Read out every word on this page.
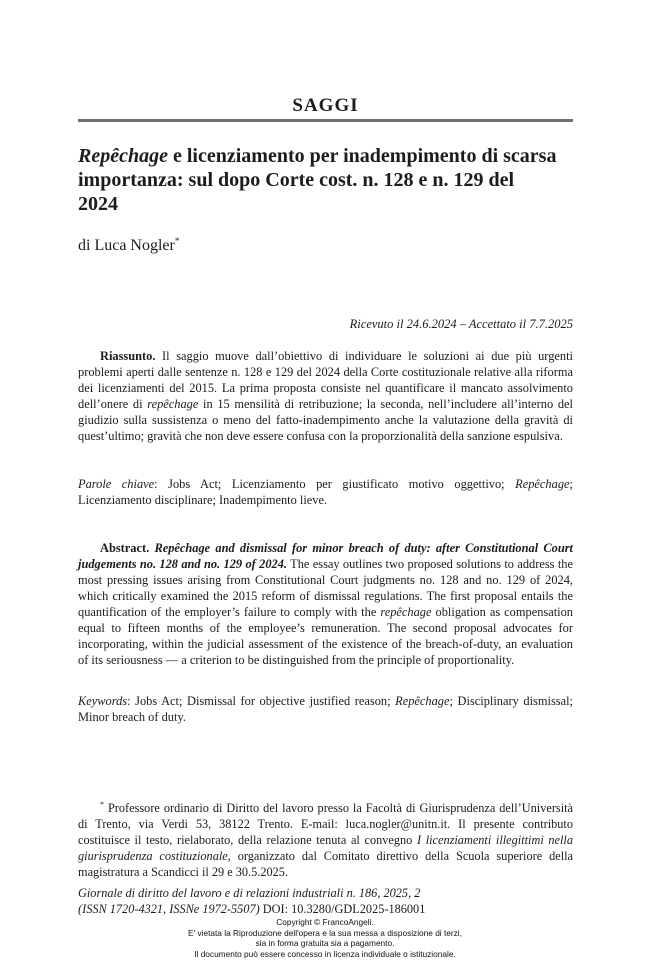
SAGGI
Repêchage e licenziamento per inadempimento di scarsa importanza: sul dopo Corte cost. n. 128 e n. 129 del 2024
di Luca Nogler*
Ricevuto il 24.6.2024 – Accettato il 7.7.2025

Riassunto. Il saggio muove dall’obiettivo di individuare le soluzioni ai due più urgenti problemi aperti dalle sentenze n. 128 e 129 del 2024 della Corte costituzionale relative alla riforma dei licenziamenti del 2015. La prima proposta consiste nel quantificare il mancato assolvimento dell’onere di repêchage in 15 mensilità di retribuzione; la seconda, nell’includere all’interno del giudizio sulla sussistenza o meno del fatto-inadempimento anche la valutazione della gravità di quest’ultimo; gravità che non deve essere confusa con la proporzionalità della sanzione espulsiva.

Parole chiave: Jobs Act; Licenziamento per giustificato motivo oggettivo; Repêchage; Licenziamento disciplinare; Inadempimento lieve.

Abstract. Repêchage and dismissal for minor breach of duty: after Constitutional Court judgements no. 128 and no. 129 of 2024. The essay outlines two proposed solutions to address the most pressing issues arising from Constitutional Court judgments no. 128 and no. 129 of 2024, which critically examined the 2015 reform of dismissal regulations. The first proposal entails the quantification of the employer’s failure to comply with the repêchage obligation as compensation equal to fifteen months of the employee’s remuneration. The second proposal advocates for incorporating, within the judicial assessment of the existence of the breach-of-duty, an evaluation of its seriousness — a criterion to be distinguished from the principle of proportionality.

Keywords: Jobs Act; Dismissal for objective justified reason; Repêchage; Disciplinary dismissal; Minor breach of duty.

* Professore ordinario di Diritto del lavoro presso la Facoltà di Giurisprudenza dell’Università di Trento, via Verdi 53, 38122 Trento. E-mail: luca.nogler@unitn.it. Il presente contributo costituisce il testo, rielaborato, della relazione tenuta al convegno I licenziamenti illegittimi nella giurisprudenza costituzionale, organizzato dal Comitato direttivo della Scuola superiore della magistratura a Scandicci il 29 e 30.5.2025.

Giornale di diritto del lavoro e di relazioni industriali n. 186, 2025, 2
(ISSN 1720-4321, ISSNe 1972-5507) DOI: 10.3280/GDL2025-186001

Copyright © FrancoAngeli.
E' vietata la Riproduzione dell'opera e la sua messa a disposizione di terzi,
sia in forma gratuita sia a pagamento.
Il documento può essere concesso in licenza individuale o istituzionale.
